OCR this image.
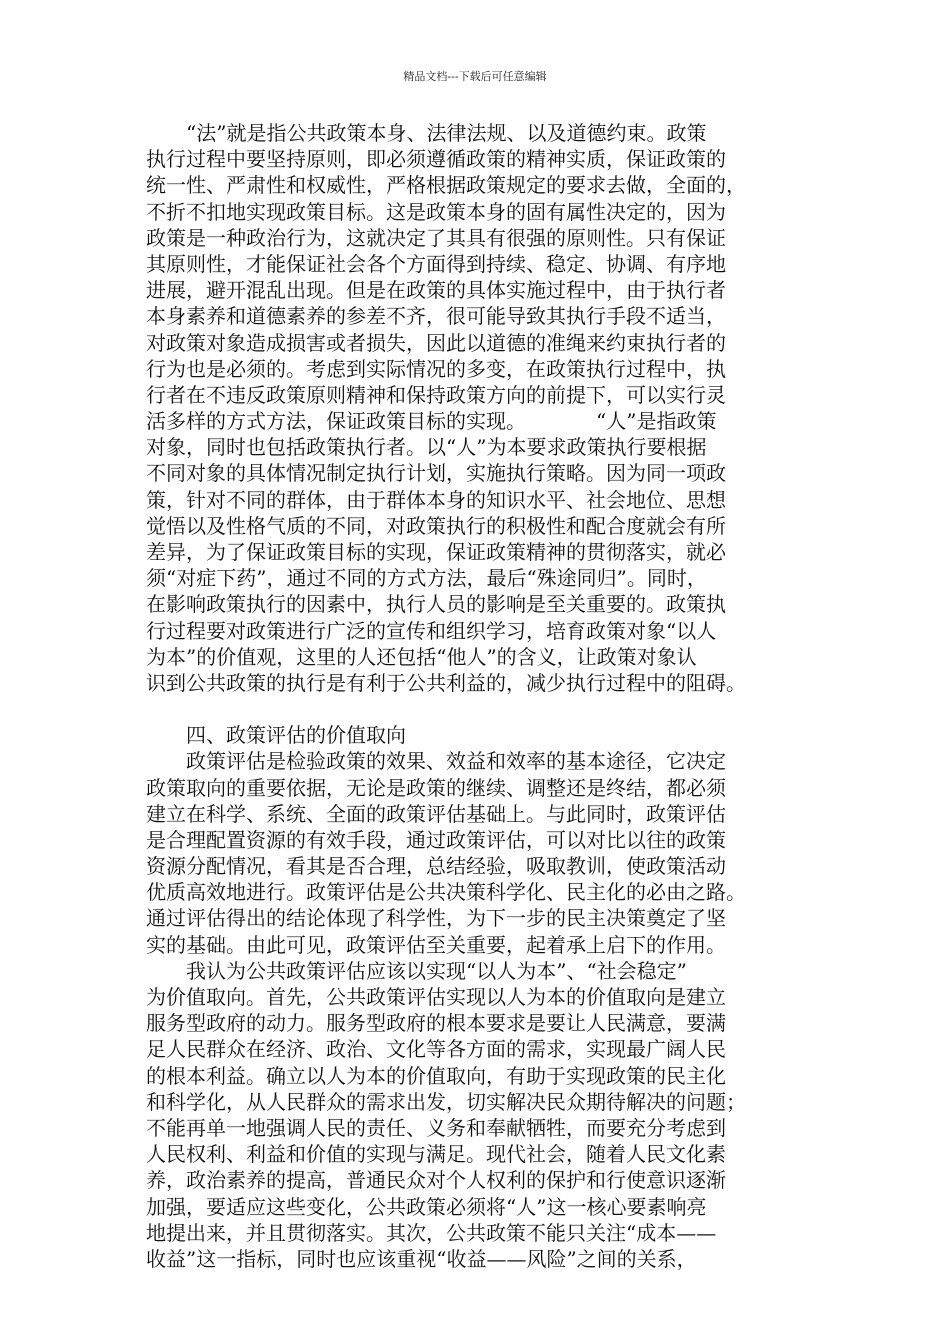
精品文档---下载后可任意编辑
　　“法”就是指公共政策本身、法律法规、以及道德约束。政策
执行过程中要坚持原则，即必须遵循政策的精神实质，保证政策的
统一性、严肃性和权威性，严格根据政策规定的要求去做，全面的，
不折不扣地实现政策目标。这是政策本身的固有属性决定的，因为
政策是一种政治行为，这就决定了其具有很强的原则性。只有保证
其原则性，才能保证社会各个方面得到持续、稳定、协调、有序地
进展，避开混乱出现。但是在政策的具体实施过程中，由于执行者
本身素养和道德素养的参差不齐，很可能导致其执行手段不适当，
对政策对象造成损害或者损失，因此以道德的准绳来约束执行者的
行为也是必须的。考虑到实际情况的多变，在政策执行过程中，执
行者在不违反政策原则精神和保持政策方向的前提下，可以实行灵
活多样的方式方法，保证政策目标的实现。　　　　“人”是指政策
对象，同时也包括政策执行者。以“人”为本要求政策执行要根据
不同对象的具体情况制定执行计划，实施执行策略。因为同一项政
策，针对不同的群体，由于群体本身的知识水平、社会地位、思想
觉悟以及性格气质的不同，对政策执行的积极性和配合度就会有所
差异，为了保证政策目标的实现，保证政策精神的贯彻落实，就必
须“对症下药”，通过不同的方式方法，最后“殊途同归”。同时，
在影响政策执行的因素中，执行人员的影响是至关重要的。政策执
行过程要对政策进行广泛的宣传和组织学习，培育政策对象“以人
为本”的价值观，这里的人还包括“他人”的含义，让政策对象认
识到公共政策的执行是有利于公共利益的，减少执行过程中的阻碍。
　　四、政策评估的价值取向
　　政策评估是检验政策的效果、效益和效率的基本途径，它决定
政策取向的重要依据，无论是政策的继续、调整还是终结，都必须
建立在科学、系统、全面的政策评估基础上。与此同时，政策评估
是合理配置资源的有效手段，通过政策评估，可以对比以往的政策
资源分配情况，看其是否合理，总结经验，吸取教训，使政策活动
优质高效地进行。政策评估是公共决策科学化、民主化的必由之路。
通过评估得出的结论体现了科学性，为下一步的民主决策奠定了坚
实的基础。由此可见，政策评估至关重要，起着承上启下的作用。
　　我认为公共政策评估应该以实现“以人为本”、“社会稳定”
为价值取向。首先，公共政策评估实现以人为本的价值取向是建立
服务型政府的动力。服务型政府的根本要求是要让人民满意，要满
足人民群众在经济、政治、文化等各方面的需求，实现最广阔人民
的根本利益。确立以人为本的价值取向，有助于实现政策的民主化
和科学化，从人民群众的需求出发，切实解决民众期待解决的问题；
不能再单一地强调人民的责任、义务和奉献牺牲，而要充分考虑到
人民权利、利益和价值的实现与满足。现代社会，随着人民文化素
养，政治素养的提高，普通民众对个人权利的保护和行使意识逐渐
加强，要适应这些变化，公共政策必须将“人”这一核心要素响亮
地提出来，并且贯彻落实。其次，公共政策不能只关注“成本——
收益”这一指标，同时也应该重视“收益——风险”之间的关系，
